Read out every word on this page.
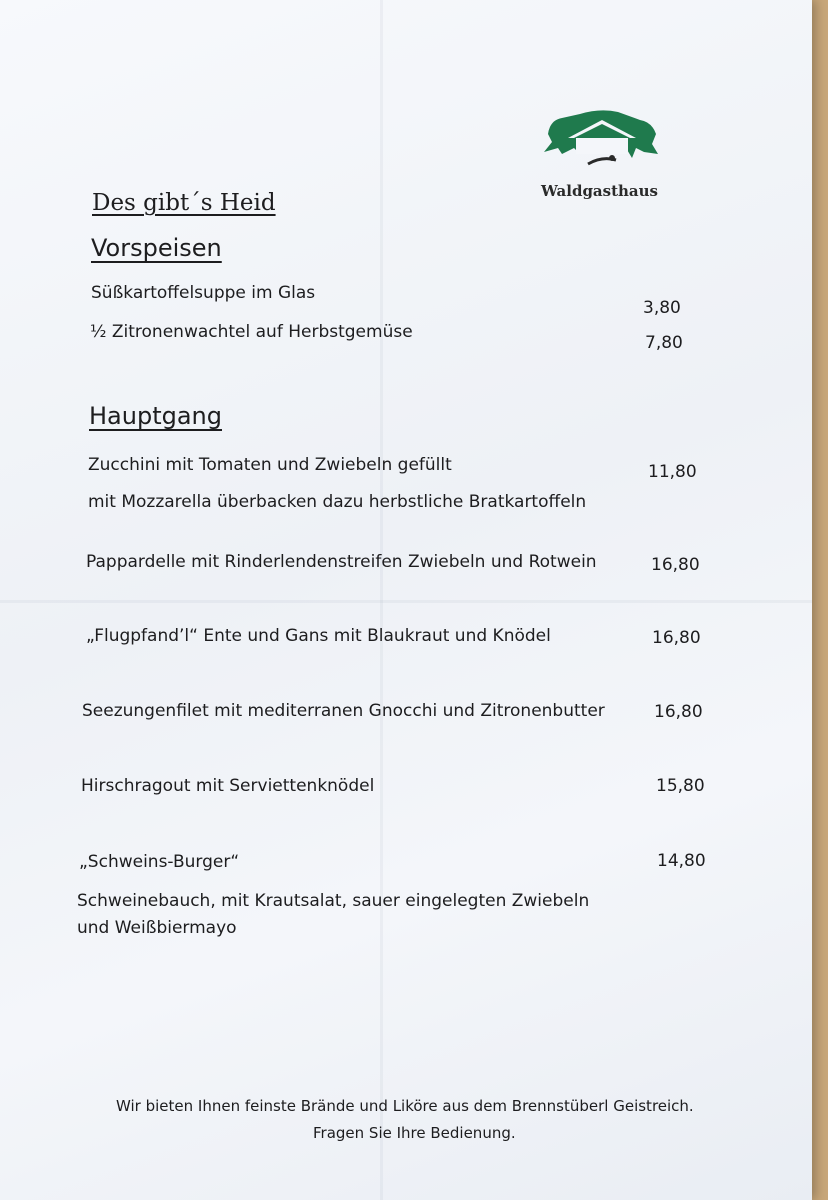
Waldgasthaus
Des gibt´s Heid
Vorspeisen
Süßkartoffelsuppe im Glas
3,80
½ Zitronenwachtel auf Herbstgemüse
7,80
Hauptgang
Zucchini mit Tomaten und Zwiebeln gefüllt	11,80
mit Mozzarella überbacken dazu herbstliche Bratkartoffeln
Pappardelle mit Rinderlendenstreifen Zwiebeln und Rotwein	16,80
„Flugpfand’l“ Ente und Gans mit Blaukraut und Knödel	16,80
Seezungenfilet mit mediterranen Gnocchi und Zitronenbutter	16,80
Hirschragout mit Serviettenknödel	15,80
„Schweins-Burger“	14,80
Schweinebauch, mit Krautsalat, sauer eingelegten Zwiebeln
und Weißbiermayo
Wir bieten Ihnen feinste Brände und Liköre aus dem Brennstüberl Geistreich.
Fragen Sie Ihre Bedienung.
